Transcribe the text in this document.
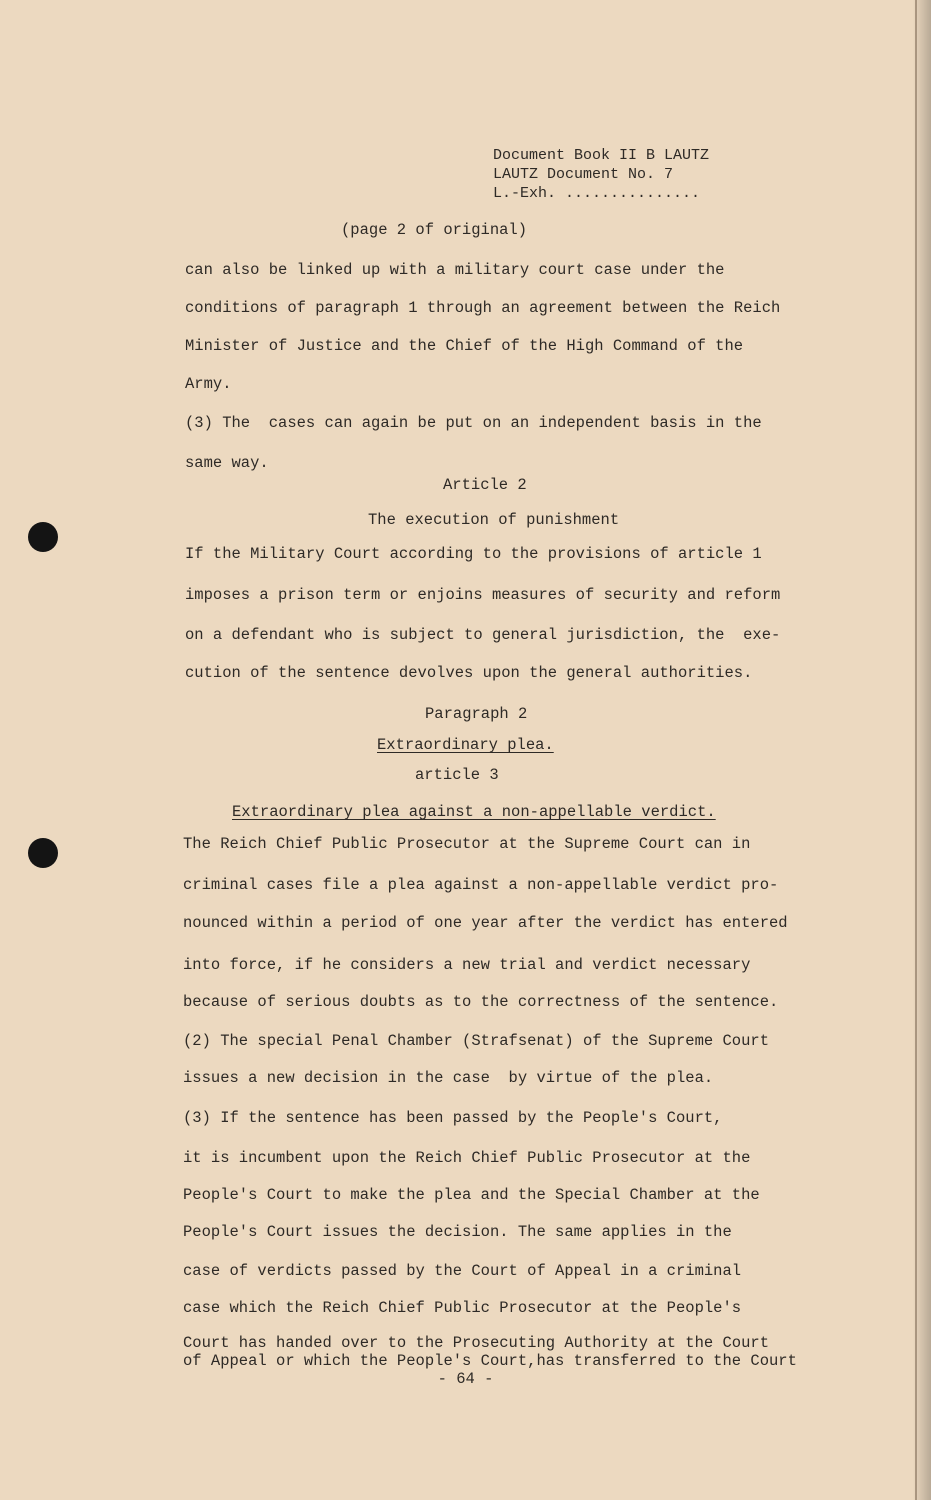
Document Book II B LAUTZ
LAUTZ Document No. 7
L.-Exh. ...............
(page 2 of original)
can also be linked up with a military court case under the
conditions of paragraph 1 through an agreement between the Reich
Minister of Justice and the Chief of the High Command of the
Army.
(3) The  cases can again be put on an independent basis in the
same way.
Article 2
The execution of punishment
If the Military Court according to the provisions of article 1
imposes a prison term or enjoins measures of security and reform
on a defendant who is subject to general jurisdiction, the  exe-
cution of the sentence devolves upon the general authorities.
Paragraph 2
Extraordinary plea.
article 3
Extraordinary plea against a non-appellable verdict.
The Reich Chief Public Prosecutor at the Supreme Court can in
criminal cases file a plea against a non-appellable verdict pro-
nounced within a period of one year after the verdict has entered
into force, if he considers a new trial and verdict necessary
because of serious doubts as to the correctness of the sentence.
(2) The special Penal Chamber (Strafsenat) of the Supreme Court
issues a new decision in the case  by virtue of the plea.
(3) If the sentence has been passed by the People's Court,
it is incumbent upon the Reich Chief Public Prosecutor at the
People's Court to make the plea and the Special Chamber at the
People's Court issues the decision. The same applies in the
case of verdicts passed by the Court of Appeal in a criminal
case which the Reich Chief Public Prosecutor at the People's
Court has handed over to the Prosecuting Authority at the Court
of Appeal or which the People's Court,has transferred to the Court
- 64 -
